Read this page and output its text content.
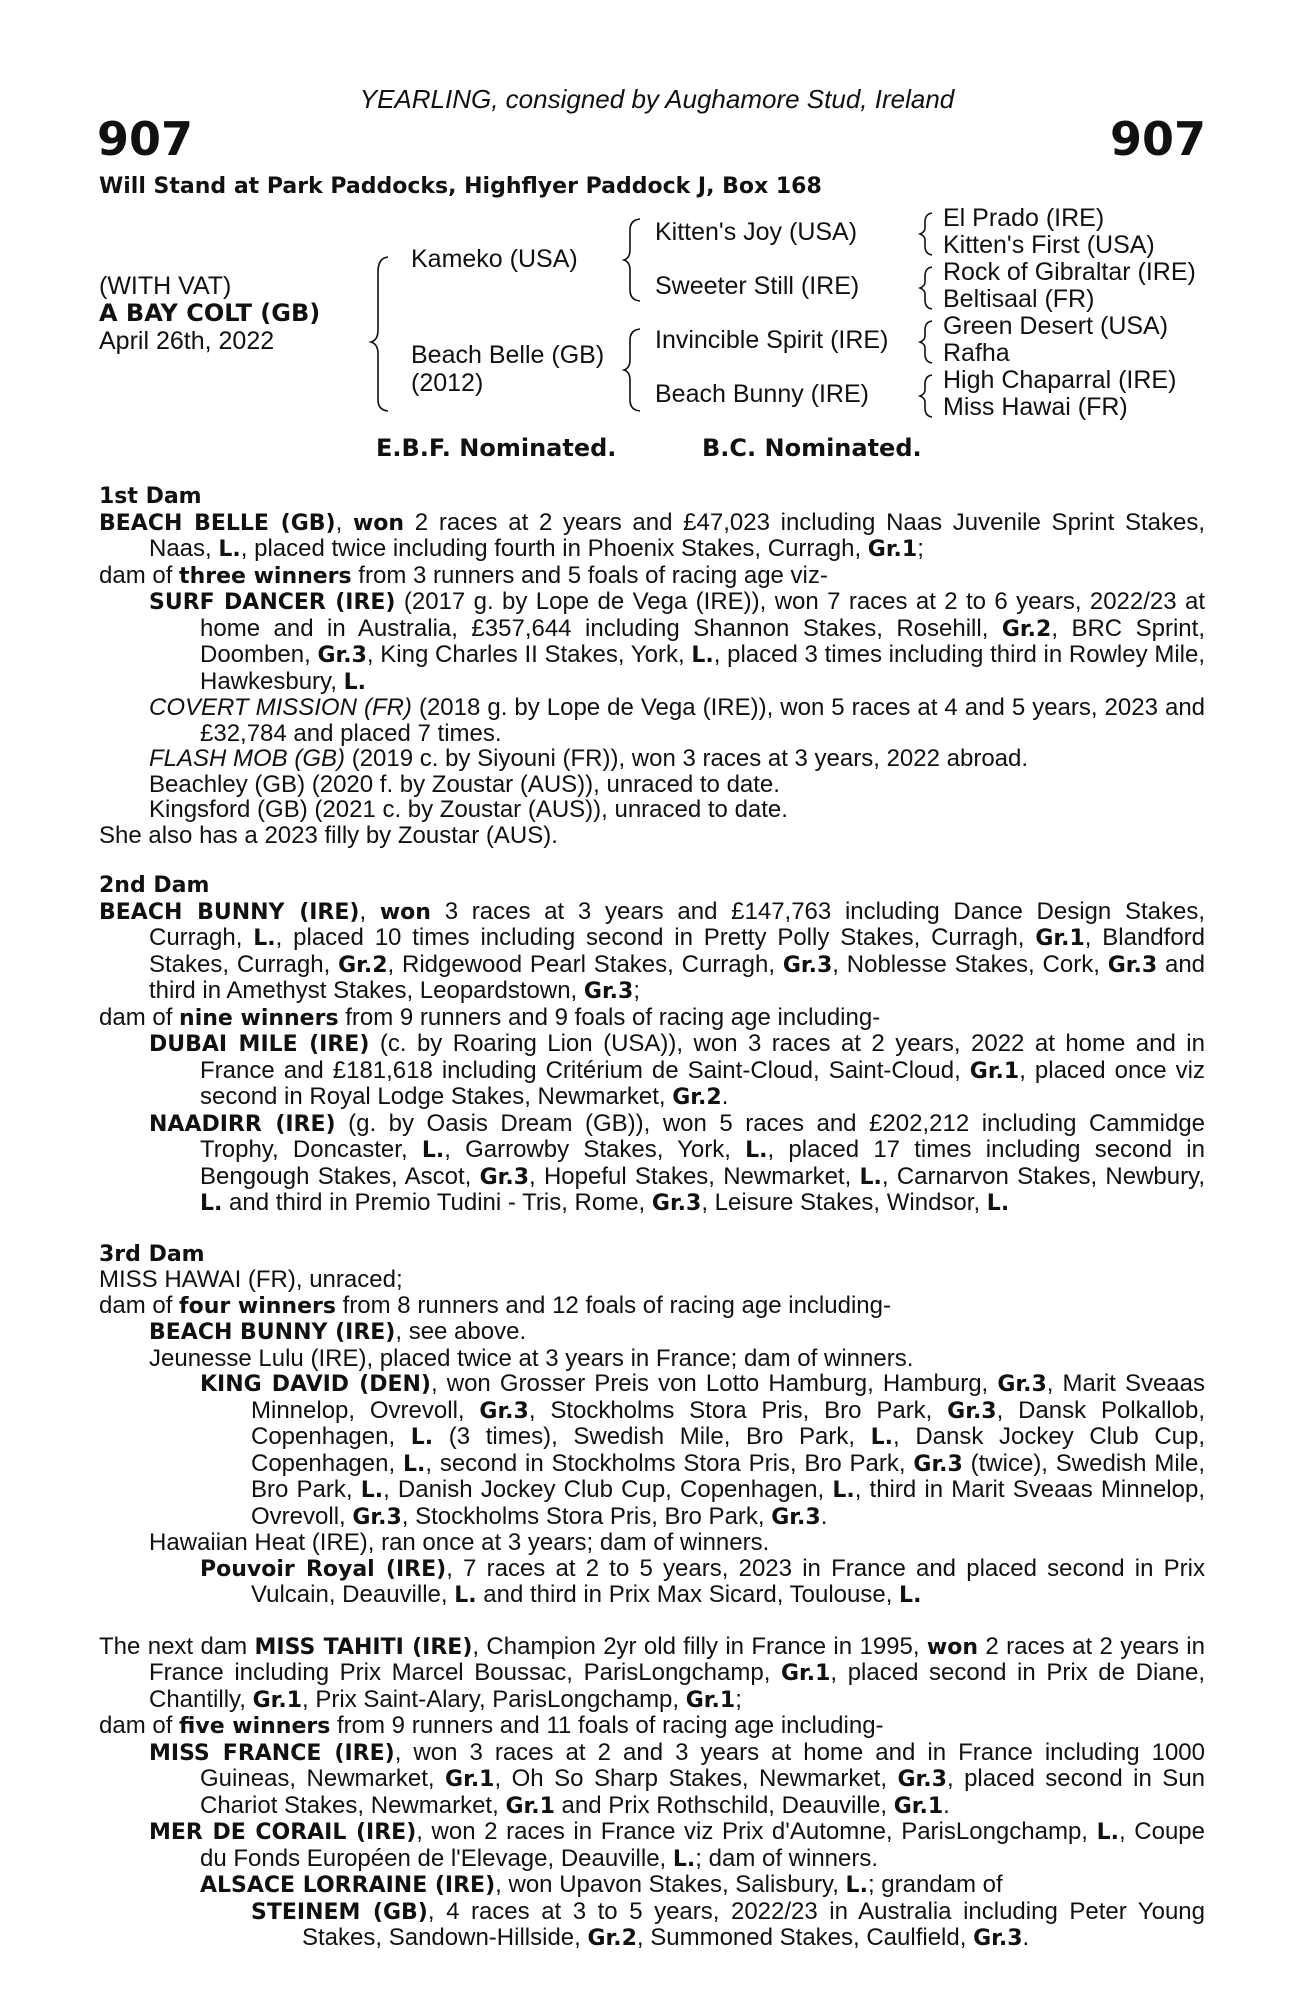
907	907
YEARLING, consigned by Aughamore Stud, Ireland
Will Stand at Park Paddocks, Highflyer Paddock J, Box 168
(WITH VAT)
A BAY COLT (GB)
April 26th, 2022
Kameko (USA)
Beach Belle (GB)
(2012)
Kitten's Joy (USA)
Sweeter Still (IRE)
Invincible Spirit (IRE)
Beach Bunny (IRE)
El Prado (IRE)
Kitten's First (USA)
Rock of Gibraltar (IRE)
Beltisaal (FR)
Green Desert (USA)
Rafha
High Chaparral (IRE)
Miss Hawai (FR)
E.B.F. Nominated.	B.C. Nominated.
1st Dam
BEACH BELLE (GB), won 2 races at 2 years and £47,023 including Naas Juvenile Sprint Stakes, Naas, L., placed twice including fourth in Phoenix Stakes, Curragh, Gr.1;
dam of three winners from 3 runners and 5 foals of racing age viz-
SURF DANCER (IRE) (2017 g. by Lope de Vega (IRE)), won 7 races at 2 to 6 years, 2022/23 at home and in Australia, £357,644 including Shannon Stakes, Rosehill, Gr.2, BRC Sprint, Doomben, Gr.3, King Charles II Stakes, York, L., placed 3 times including third in Rowley Mile, Hawkesbury, L.
COVERT MISSION (FR) (2018 g. by Lope de Vega (IRE)), won 5 races at 4 and 5 years, 2023 and £32,784 and placed 7 times.
FLASH MOB (GB) (2019 c. by Siyouni (FR)), won 3 races at 3 years, 2022 abroad.
Beachley (GB) (2020 f. by Zoustar (AUS)), unraced to date.
Kingsford (GB) (2021 c. by Zoustar (AUS)), unraced to date.
She also has a 2023 filly by Zoustar (AUS).
2nd Dam
BEACH BUNNY (IRE), won 3 races at 3 years and £147,763 including Dance Design Stakes, Curragh, L., placed 10 times including second in Pretty Polly Stakes, Curragh, Gr.1, Blandford Stakes, Curragh, Gr.2, Ridgewood Pearl Stakes, Curragh, Gr.3, Noblesse Stakes, Cork, Gr.3 and third in Amethyst Stakes, Leopardstown, Gr.3;
dam of nine winners from 9 runners and 9 foals of racing age including-
DUBAI MILE (IRE) (c. by Roaring Lion (USA)), won 3 races at 2 years, 2022 at home and in France and £181,618 including Critérium de Saint-Cloud, Saint-Cloud, Gr.1, placed once viz second in Royal Lodge Stakes, Newmarket, Gr.2.
NAADIRR (IRE) (g. by Oasis Dream (GB)), won 5 races and £202,212 including Cammidge Trophy, Doncaster, L., Garrowby Stakes, York, L., placed 17 times including second in Bengough Stakes, Ascot, Gr.3, Hopeful Stakes, Newmarket, L., Carnarvon Stakes, Newbury, L. and third in Premio Tudini - Tris, Rome, Gr.3, Leisure Stakes, Windsor, L.
3rd Dam
MISS HAWAI (FR), unraced;
dam of four winners from 8 runners and 12 foals of racing age including-
BEACH BUNNY (IRE), see above.
Jeunesse Lulu (IRE), placed twice at 3 years in France; dam of winners.
KING DAVID (DEN), won Grosser Preis von Lotto Hamburg, Hamburg, Gr.3, Marit Sveaas Minnelop, Ovrevoll, Gr.3, Stockholms Stora Pris, Bro Park, Gr.3, Dansk Polkallob, Copenhagen, L. (3 times), Swedish Mile, Bro Park, L., Dansk Jockey Club Cup, Copenhagen, L., second in Stockholms Stora Pris, Bro Park, Gr.3 (twice), Swedish Mile, Bro Park, L., Danish Jockey Club Cup, Copenhagen, L., third in Marit Sveaas Minnelop, Ovrevoll, Gr.3, Stockholms Stora Pris, Bro Park, Gr.3.
Hawaiian Heat (IRE), ran once at 3 years; dam of winners.
Pouvoir Royal (IRE), 7 races at 2 to 5 years, 2023 in France and placed second in Prix Vulcain, Deauville, L. and third in Prix Max Sicard, Toulouse, L.
The next dam MISS TAHITI (IRE), Champion 2yr old filly in France in 1995, won 2 races at 2 years in France including Prix Marcel Boussac, ParisLongchamp, Gr.1, placed second in Prix de Diane, Chantilly, Gr.1, Prix Saint-Alary, ParisLongchamp, Gr.1;
dam of five winners from 9 runners and 11 foals of racing age including-
MISS FRANCE (IRE), won 3 races at 2 and 3 years at home and in France including 1000 Guineas, Newmarket, Gr.1, Oh So Sharp Stakes, Newmarket, Gr.3, placed second in Sun Chariot Stakes, Newmarket, Gr.1 and Prix Rothschild, Deauville, Gr.1.
MER DE CORAIL (IRE), won 2 races in France viz Prix d'Automne, ParisLongchamp, L., Coupe du Fonds Européen de l'Elevage, Deauville, L.; dam of winners.
ALSACE LORRAINE (IRE), won Upavon Stakes, Salisbury, L.; grandam of
STEINEM (GB), 4 races at 3 to 5 years, 2022/23 in Australia including Peter Young Stakes, Sandown-Hillside, Gr.2, Summoned Stakes, Caulfield, Gr.3.
